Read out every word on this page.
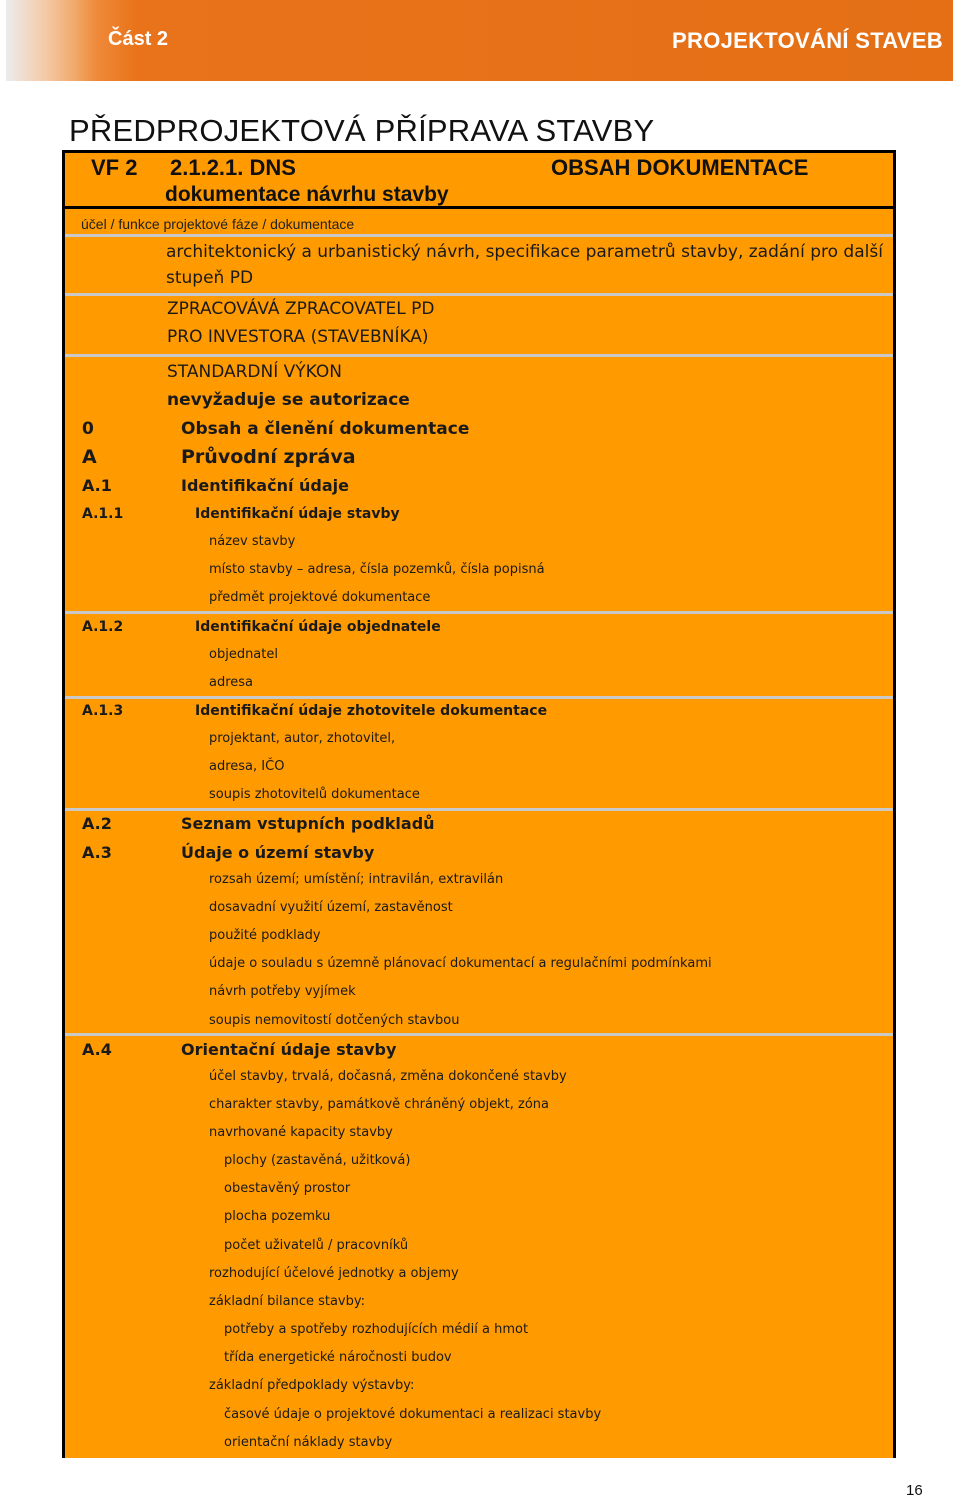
Část 2	PROJEKTOVÁNÍ STAVEB
PŘEDPROJEKTOVÁ PŘÍPRAVA STAVBY
VF 2 2.1.2.1. DNS
dokumentace návrhu stavby
OBSAH DOKUMENTACE
účel / funkce projektové fáze / dokumentace
architektonický a urbanistický návrh, specifikace parametrů stavby, zadání pro další
stupeň PD
ZPRACOVÁVÁ ZPRACOVATEL PD
PRO INVESTORA (STAVEBNÍKA)
STANDARDNÍ VÝKON
nevyžaduje se autorizace
0	Obsah a členění dokumentace
A	Průvodní zpráva
A.1	Identifikační údaje
A.1.1	Identifikační údaje stavby
název stavby
místo stavby – adresa, čísla pozemků, čísla popisná
předmět projektové dokumentace
A.1.2	Identifikační údaje objednatele
objednatel
adresa
A.1.3	Identifikační údaje zhotovitele dokumentace
projektant, autor, zhotovitel,
adresa, IČO
soupis zhotovitelů dokumentace
A.2	Seznam vstupních podkladů
A.3	Údaje o území stavby
rozsah území; umístění; intravilán, extravilán
dosavadní využití území, zastavěnost
použité podklady
údaje o souladu s územně plánovací dokumentací a regulačními podmínkami
návrh potřeby vyjímek
soupis nemovitostí dotčených stavbou
A.4	Orientační údaje stavby
účel stavby, trvalá, dočasná, změna dokončené stavby
charakter stavby, památkově chráněný objekt, zóna
navrhované kapacity stavby
plochy (zastavěná, užitková)
obestavěný prostor
plocha pozemku
počet uživatelů / pracovníků
rozhodující účelové jednotky a objemy
základní bilance stavby:
potřeby a spotřeby rozhodujících médií a hmot
třída energetické náročnosti budov
základní předpoklady výstavby:
časové údaje o projektové dokumentaci a realizaci stavby
orientační náklady stavby
16
